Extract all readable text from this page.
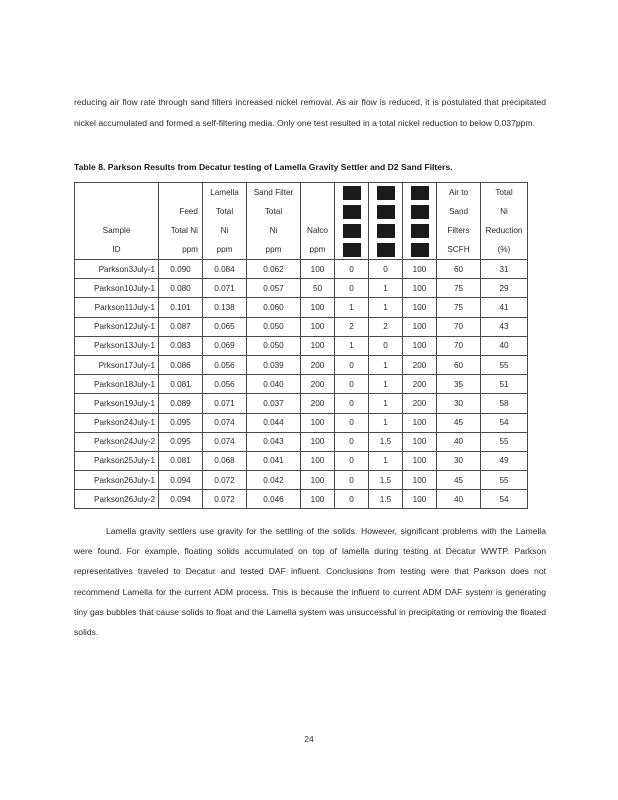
reducing air flow rate through sand filters increased nickel removal. As air flow is reduced, it is postulated that precipitated nickel accumulated and formed a self-filtering media. Only one test resulted in a total nickel reduction to below 0.037ppm.
Table 8. Parkson Results from Decatur testing of Lamella Gravity Settler and D2 Sand Filters.
		Lamella	Sand Filter					Air to	Total
	Feed	Total	Total					Sand	Ni
Sample	Total Ni	Ni	Ni	Nalco				Filters	Reduction
ID	ppm	ppm	ppm	ppm				SCFH	(%)
Parkson3July-1	0.090	0.084	0.062	100	0	0	100	60	31
Parkson10July-1	0.080	0.071	0.057	50	0	1	100	75	29
Parkson11July-1	0.101	0.138	0.060	100	1	1	100	75	41
Parkson12July-1	0.087	0.065	0.050	100	2	2	100	70	43
Parkson13July-1	0.083	0.069	0.050	100	1	0	100	70	40
Prkson17July-1	0.086	0.056	0.039	200	0	1	200	60	55
Parkson18July-1	0.081	0.056	0.040	200	0	1	200	35	51
Parkson19July-1	0.089	0.071	0.037	200	0	1	200	30	58
Parkson24July-1	0.095	0.074	0.044	100	0	1	100	45	54
Parkson24July-2	0.095	0.074	0.043	100	0	1.5	100	40	55
Parkson25July-1	0.081	0.068	0.041	100	0	1	100	30	49
Parkson26July-1	0.094	0.072	0.042	100	0	1.5	100	45	55
Parkson26July-2	0.094	0.072	0.046	100	0	1.5	100	40	54
Lamella gravity settlers use gravity for the settling of the solids. However, significant problems with the Lamella were found. For example, floating solids accumulated on top of lamella during testing at Decatur WWTP. Parkson representatives traveled to Decatur and tested DAF influent. Conclusions from testing were that Parkson does not recommend Lamella for the current ADM process. This is because the influent to current ADM DAF system is generating tiny gas bubbles that cause solids to float and the Lamella system was unsuccessful in precipitating or removing the floated solids.
24
